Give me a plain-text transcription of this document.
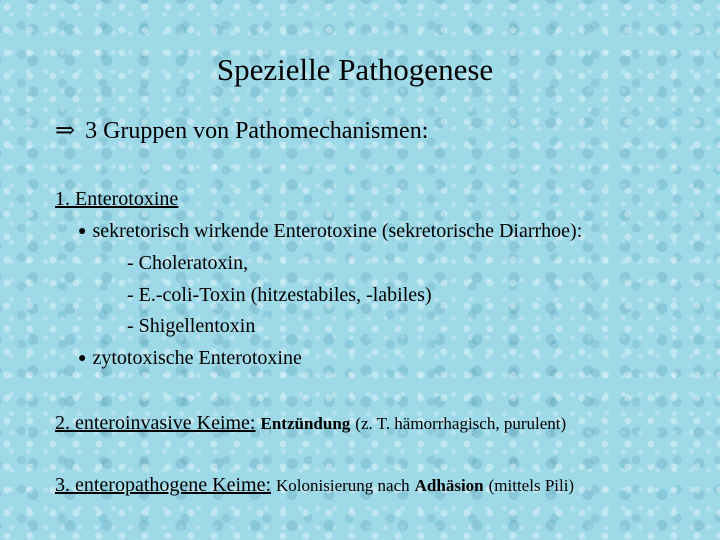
Spezielle Pathogenese
⇒ 3 Gruppen von Pathomechanismen:
1. Enterotoxine
● sekretorisch wirkende Enterotoxine (sekretorische Diarrhoe):
- Choleratoxin,
- E.-coli-Toxin (hitzestabiles, -labiles)
- Shigellentoxin
● zytotoxische Enterotoxine
2. enteroinvasive Keime: Entzündung (z. T. hämorrhagisch, purulent)
3. enteropathogene Keime: Kolonisierung nach Adhäsion (mittels Pili)
